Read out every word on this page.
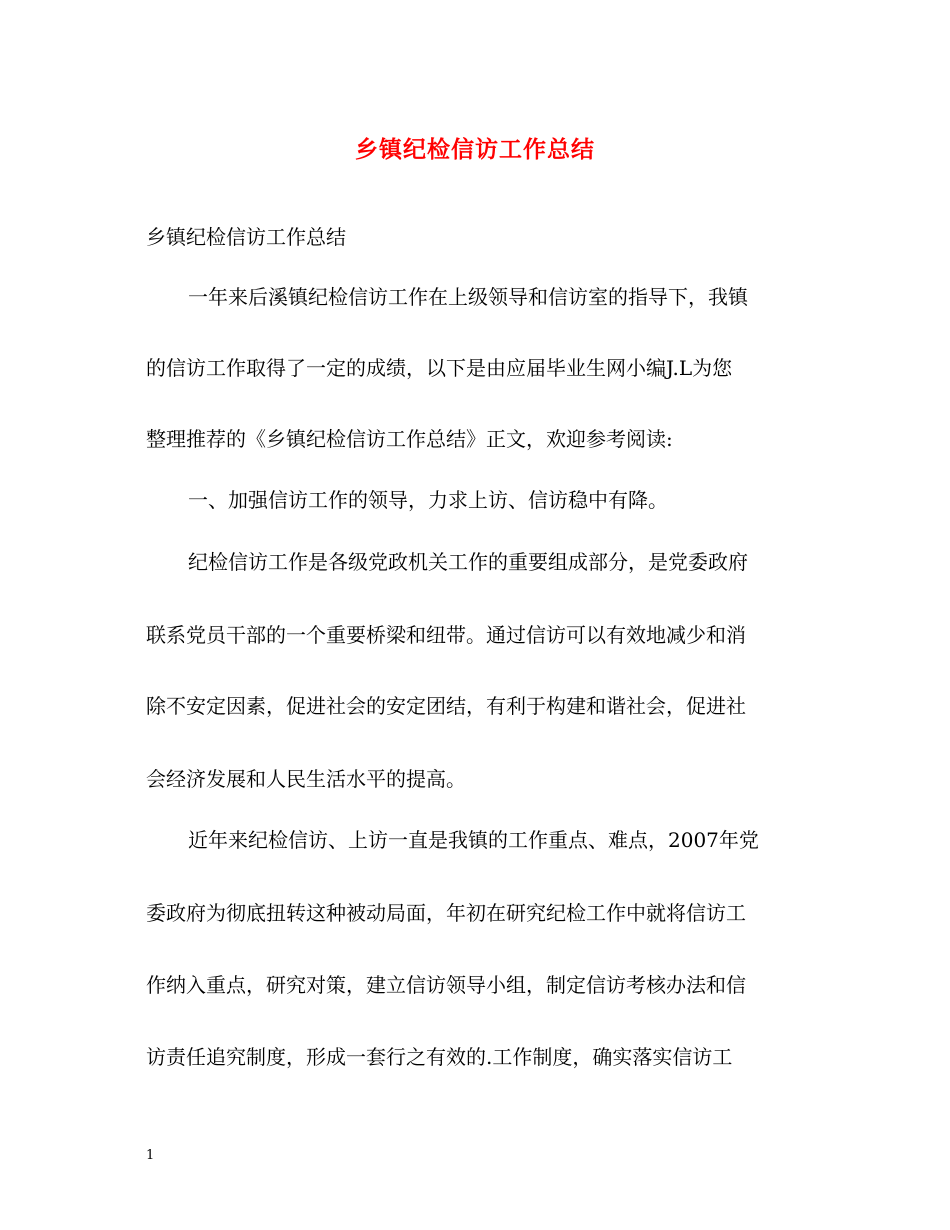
乡镇纪检信访工作总结
乡镇纪检信访工作总结
一年来后溪镇纪检信访工作在上级领导和信访室的指导下，我镇
的信访工作取得了一定的成绩，以下是由应届毕业生网小编J.L为您
整理推荐的《乡镇纪检信访工作总结》正文，欢迎参考阅读:
一、加强信访工作的领导，力求上访、信访稳中有降。
纪检信访工作是各级党政机关工作的重要组成部分，是党委政府
联系党员干部的一个重要桥梁和纽带。通过信访可以有效地减少和消
除不安定因素，促进社会的安定团结，有利于构建和谐社会，促进社
会经济发展和人民生活水平的提高。
近年来纪检信访、上访一直是我镇的工作重点、难点，2007年党
委政府为彻底扭转这种被动局面，年初在研究纪检工作中就将信访工
作纳入重点，研究对策，建立信访领导小组，制定信访考核办法和信
访责任追究制度，形成一套行之有效的.工作制度，确实落实信访工
1
